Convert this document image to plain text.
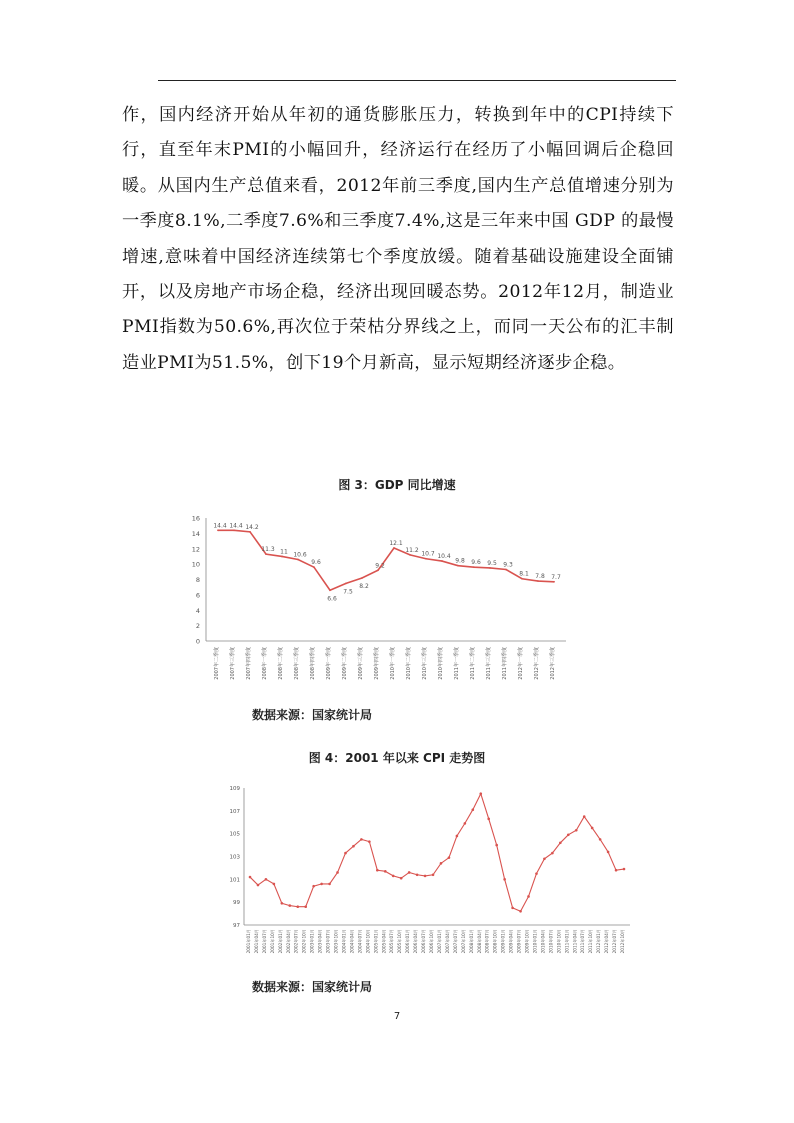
作，国内经济开始从年初的通货膨胀压力，转换到年中的CPI持续下行，直至年末PMI的小幅回升，经济运行在经历了小幅回调后企稳回暖。从国内生产总值来看，2012年前三季度,国内生产总值增速分别为一季度8.1%,二季度7.6%和三季度7.4%,这是三年来中国 GDP 的最慢增速,意味着中国经济连续第七个季度放缓。随着基础设施建设全面铺开，以及房地产市场企稳，经济出现回暖态势。2012年12月，制造业PMI指数为50.6%,再次位于荣枯分界线之上，而同一天公布的汇丰制造业PMI为51.5%，创下19个月新高，显示短期经济逐步企稳。

图 3：GDP 同比增速
0
2
4
6
8
10
12
14
16
14.4 14.4 14.2
11.3 11 10.6
9.6
6.6
7.5
8.2
9.2
12.1
11.2
10.7 10.4
9.8 9.6 9.5 9.3
8.1 7.8 7.7
2007年二季度 2007年三季度 2007年四季度 2008年一季度 2008年二季度 2008年三季度 2008年四季度 2009年一季度 2009年二季度 2009年三季度 2009年四季度 2010年一季度 2010年二季度 2010年三季度 2010年四季度 2011年一季度 2011年二季度 2011年三季度 2011年四季度 2012年一季度 2012年二季度 2012年三季度
数据来源：国家统计局
图 4：2001 年以来 CPI 走势图
97
99
101
103
105
107
109
2001年01月 2001年04月 2001年07月 2001年10月 2002年01月 2002年04月 2002年07月 2002年10月 2003年01月 2003年04月 2003年07月 2003年10月 2004年01月 2004年04月 2004年07月 2004年10月 2005年01月 2005年04月 2005年07月 2005年10月 2006年01月 2006年04月 2006年07月 2006年10月 2007年01月 2007年04月 2007年07月 2007年10月 2008年01月 2008年04月 2008年07月 2008年10月 2009年01月 2009年04月 2009年07月 2009年10月 2010年01月 2010年04月 2010年07月 2010年10月 2011年01月 2011年04月 2011年07月 2011年10月 2012年01月 2012年04月 2012年07月 2012年10月
数据来源：国家统计局
7
